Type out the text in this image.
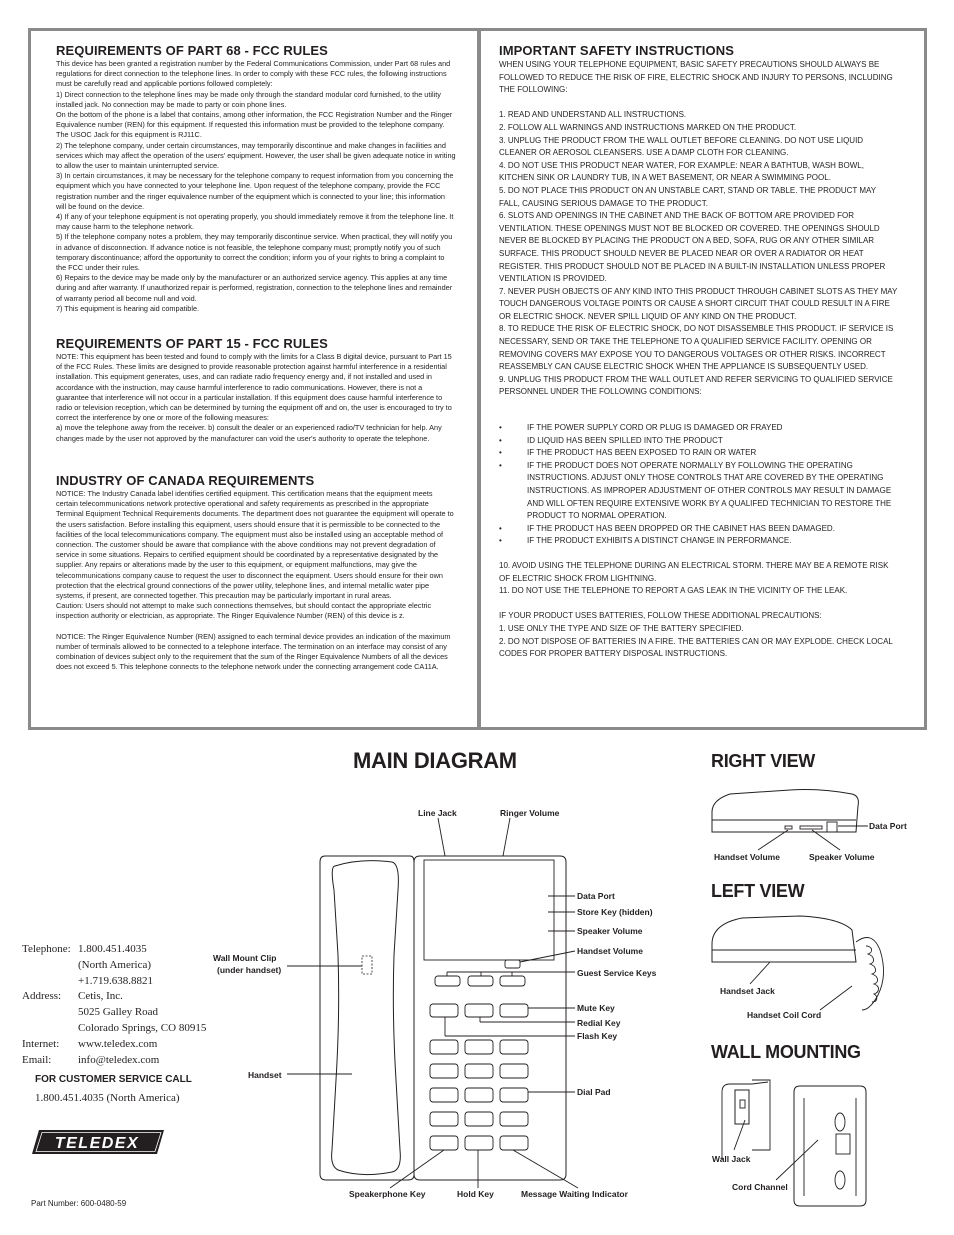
REQUIREMENTS OF PART 68 - FCC RULES
This device has been granted a registration number by the Federal Communications Commission, under Part 68 rules and regulations for direct connection to the telephone lines. In order to comply with these FCC rules, the following instructions must be carefully read and applicable portions followed completely:
1) Direct connection to the telephone lines may be made only through the standard modular cord furnished, to the utility installed jack. No connection may be made to party or coin phone lines.
On the bottom of the phone is a label that contains, among other information, the FCC Registration Number and the Ringer Equivalence number (REN) for this equipment. If requested this information must be provided to the telephone company. The USOC Jack for this equipment is RJ11C.
2) The telephone company, under certain circumstances, may temporarily discontinue and make changes in facilities and services which may affect the operation of the users' equipment. However, the user shall be given adequate notice in writing to allow the user to maintain uninterrupted service.
3) In certain circumstances, it may be necessary for the telephone company to request information from you concerning the equipment which you have connected to your telephone line. Upon request of the telephone company, provide the FCC registration number and the ringer equivalence number of the equipment which is connected to your line; this information will be found on the device.
4) If any of your telephone equipment is not operating properly, you should immediately remove it from the telephone line. It may cause harm to the telephone network.
5) If the telephone company notes a problem, they may temporarily discontinue service. When practical, they will notify you in advance of disconnection. If advance notice is not feasible, the telephone company must; promptly notify you of such temporary discontinuance; afford the opportunity to correct the condition; inform you of your rights to bring a complaint to the FCC under their rules.
6) Repairs to the device may be made only by the manufacturer or an authorized service agency. This applies at any time during and after warranty. If unauthorized repair is performed, registration, connection to the telephone lines and remainder of warranty period all become null and void.
7) This equipment is hearing aid compatible.
REQUIREMENTS OF PART 15 - FCC RULES
NOTE: This equipment has been tested and found to comply with the limits for a Class B digital device, pursuant to Part 15 of the FCC Rules. These limits are designed to provide reasonable protection against harmful interference in a residential installation. This equipment generates, uses, and can radiate radio frequency energy and, if not installed and used in accordance with the instruction, may cause harmful interference to radio communications. However, there is not a guarantee that interference will not occur in a particular installation. If this equipment does cause harmful interference to radio or television reception, which can be determined by turning the equipment off and on, the user is encouraged to try to correct the interference by one or more of the following measures:
a) move the telephone away from the receiver. b) consult the dealer or an experienced radio/TV technician for help. Any changes made by the user not approved by the manufacturer can void the user's authority to operate the telephone.
INDUSTRY OF CANADA REQUIREMENTS
NOTICE: The Industry Canada label identifies certified equipment. This certification means that the equipment meets certain telecommunications network protective operational and safety requirements as prescribed in the appropriate Terminal Equipment Technical Requirements documents. The department does not guarantee the equipment will operate to the users satisfaction. Before installing this equipment, users should ensure that it is permissible to be connected to the facilities of the local telecommunications company. The equipment must also be installed using an acceptable method of connection. The customer should be aware that compliance with the above conditions may not prevent degradation of service in some situations. Repairs to certified equipment should be coordinated by a representative designated by the supplier. Any repairs or alterations made by the user to this equipment, or equipment malfunctions, may give the telecommunications company cause to request the user to disconnect the equipment. Users should ensure for their own protection that the electrical ground connections of the power utility, telephone lines, and internal metallic water pipe systems, if present, are connected together. This precaution may be particularly important in rural areas.
Caution: Users should not attempt to make such connections themselves, but should contact the appropriate electric inspection authority or electrician, as appropriate. The Ringer Equivalence Number (REN) of this device is z.

NOTICE: The Ringer Equivalence Number (REN) assigned to each terminal device provides an indication of the maximum number of terminals allowed to be connected to a telephone interface. The termination on an interface may consist of any combination of devices subject only to the requirement that the sum of the Ringer Equivalence Numbers of all the devices does not exceed 5. This telephone connects to the telephone network under the connecting arrangement code CA11A.
IMPORTANT SAFETY INSTRUCTIONS
WHEN USING YOUR TELEPHONE EQUIPMENT, BASIC SAFETY PRECAUTIONS SHOULD ALWAYS BE FOLLOWED TO REDUCE THE RISK OF FIRE, ELECTRIC SHOCK AND INJURY TO PERSONS, INCLUDING THE FOLLOWING:

1. READ AND UNDERSTAND ALL INSTRUCTIONS.
2. FOLLOW ALL WARNINGS AND INSTRUCTIONS MARKED ON THE PRODUCT.
3. UNPLUG THE PRODUCT FROM THE WALL OUTLET BEFORE CLEANING. DO NOT USE LIQUID CLEANER OR AEROSOL CLEANSERS. USE A DAMP CLOTH FOR CLEANING.
4. DO NOT USE THIS PRODUCT NEAR WATER, FOR EXAMPLE: NEAR A BATHTUB, WASH BOWL, KITCHEN SINK OR LAUNDRY TUB, IN A WET BASEMENT, OR NEAR A SWIMMING POOL.
5. DO NOT PLACE THIS PRODUCT ON AN UNSTABLE CART, STAND OR TABLE. THE PRODUCT MAY FALL, CAUSING SERIOUS DAMAGE TO THE PRODUCT.
6. SLOTS AND OPENINGS IN THE CABINET AND THE BACK OF BOTTOM ARE PROVIDED FOR VENTILATION. THESE OPENINGS MUST NOT BE BLOCKED OR COVERED. THE OPENINGS SHOULD NEVER BE BLOCKED BY PLACING THE PRODUCT ON A BED, SOFA, RUG OR ANY OTHER SIMILAR SURFACE. THIS PRODUCT SHOULD NEVER BE PLACED NEAR OR OVER A RADIATOR OR HEAT REGISTER. THIS PRODUCT SHOULD NOT BE PLACED IN A BUILT-IN INSTALLATION UNLESS PROPER VENTILATION IS PROVIDED.
7. NEVER PUSH OBJECTS OF ANY KIND INTO THIS PRODUCT THROUGH CABINET SLOTS AS THEY MAY TOUCH DANGEROUS VOLTAGE POINTS OR CAUSE A SHORT CIRCUIT THAT COULD RESULT IN A FIRE OR ELECTRIC SHOCK. NEVER SPILL LIQUID OF ANY KIND ON THE PRODUCT.
8. TO REDUCE THE RISK OF ELECTRIC SHOCK, DO NOT DISASSEMBLE THIS PRODUCT. IF SERVICE IS NECESSARY, SEND OR TAKE THE TELEPHONE TO A QUALIFIED SERVICE FACILITY. OPENING OR REMOVING COVERS MAY EXPOSE YOU TO DANGEROUS VOLTAGES OR OTHER RISKS. INCORRECT REASSEMBLY CAN CAUSE ELECTRIC SHOCK WHEN THE APPLIANCE IS SUBSEQUENTLY USED.
9. UNPLUG THIS PRODUCT FROM THE WALL OUTLET AND REFER SERVICING TO QUALIFIED SERVICE PERSONNEL UNDER THE FOLLOWING CONDITIONS:
• IF THE POWER SUPPLY CORD OR PLUG IS DAMAGED OR FRAYED
• ID LIQUID HAS BEEN SPILLED INTO THE PRODUCT
• IF THE PRODUCT HAS BEEN EXPOSED TO RAIN OR WATER
• IF THE PRODUCT DOES NOT OPERATE NORMALLY BY FOLLOWING THE OPERATING INSTRUCTIONS. ADJUST ONLY THOSE CONTROLS THAT ARE COVERED BY THE OPERATING INSTRUCTIONS. AS IMPROPER ADJUSTMENT OF OTHER CONTROLS MAY RESULT IN DAMAGE AND WILL OFTEN REQUIRE EXTENSIVE WORK BY A QUALIFED TECHNICIAN TO RESTORE THE PRODUCT TO NORMAL OPERATION.
• IF THE PRODUCT HAS BEEN DROPPED OR THE CABINET HAS BEEN DAMAGED.
• IF THE PRODUCT EXHIBITS A DISTINCT CHANGE IN PERFORMANCE.
10. AVOID USING THE TELEPHONE DURING AN ELECTRICAL STORM. THERE MAY BE A REMOTE RISK OF ELECTRIC SHOCK FROM LIGHTNING.
11. DO NOT USE THE TELEPHONE TO REPORT A GAS LEAK IN THE VICINITY OF THE LEAK.

IF YOUR PRODUCT USES BATTERIES, FOLLOW THESE ADDITIONAL PRECAUTIONS:
1. USE ONLY THE TYPE AND SIZE OF THE BATTERY SPECIFIED.
2. DO NOT DISPOSE OF BATTERIES IN A FIRE. THE BATTERIES CAN OR MAY EXPLODE. CHECK LOCAL CODES FOR PROPER BATTERY DISPOSAL INSTRUCTIONS.
MAIN DIAGRAM
Line Jack	Ringer Volume
Data Port
Store Key (hidden)
Speaker Volume
Handset Volume
Guest Service Keys
Wall Mount Clip
(under handset)
Mute Key
Redial Key
Flash Key
Handset
Dial Pad
Speakerphone Key	Hold Key	Message Waiting Indicator
RIGHT VIEW
Data Port
Handset Volume	Speaker Volume
LEFT VIEW
Handset Jack
Handset Coil Cord
WALL MOUNTING
Wall Jack
Cord Channel
Telephone: 1.800.451.4035
(North America)
+1.719.638.8821
Address:	Cetis, Inc.
5025 Galley Road
Colorado Springs, CO 80915
Internet:	www.teledex.com
Email:	info@teledex.com
FOR CUSTOMER SERVICE CALL
1.800.451.4035 (North America)
TELEDEX
Part Number: 600-0480-59
